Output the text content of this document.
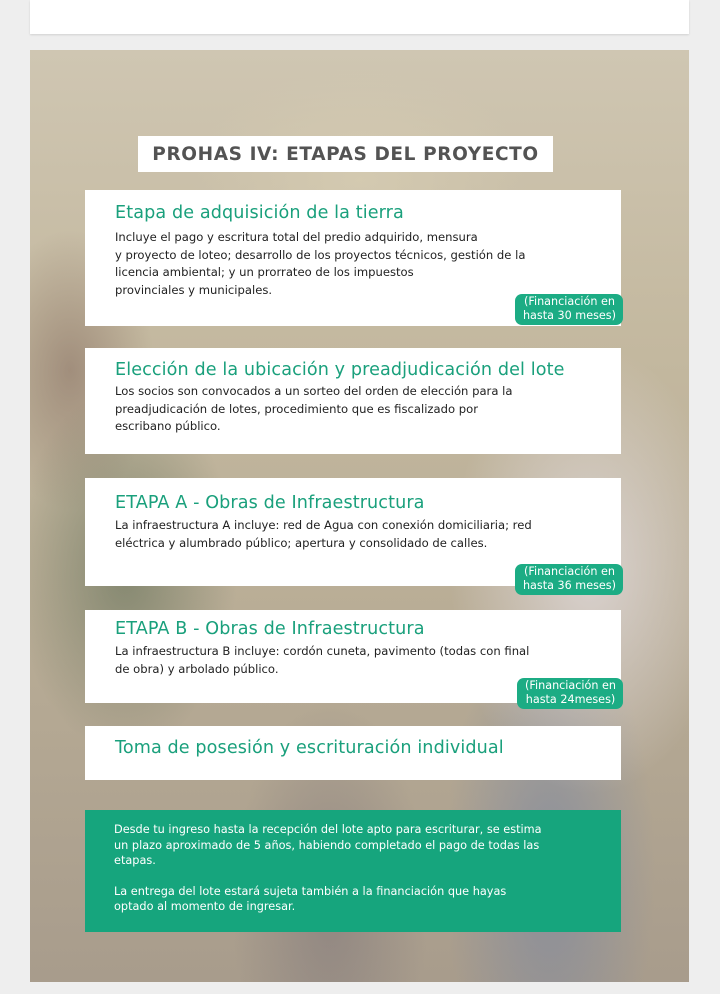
PROHAS IV: ETAPAS DEL PROYECTO
Etapa de adquisición de la tierra

Incluye el pago y escritura total del predio adquirido, mensura
y proyecto de loteo; desarrollo de los proyectos técnicos, gestión de la
licencia ambiental; y un prorrateo de los impuestos
provinciales y municipales.

(Financiación en
hasta 30 meses)
Elección de la ubicación y preadjudicación del lote

Los socios son convocados a un sorteo del orden de elección para la
preadjudicación de lotes, procedimiento que es fiscalizado por
escribano público.

ETAPA A - Obras de Infraestructura

La infraestructura A incluye: red de Agua con conexión domiciliaria; red
eléctrica y alumbrado público; apertura y consolidado de calles.

(Financiación en
hasta 36 meses)
ETAPA B - Obras de Infraestructura

La infraestructura B incluye: cordón cuneta, pavimento (todas con final
de obra) y arbolado público.

(Financiación en
hasta 24meses)
Toma de posesión y escrituración individual

Desde tu ingreso hasta la recepción del lote apto para escriturar, se estima
un plazo aproximado de 5 años, habiendo completado el pago de todas las
etapas.

La entrega del lote estará sujeta también a la financiación que hayas
optado al momento de ingresar.
